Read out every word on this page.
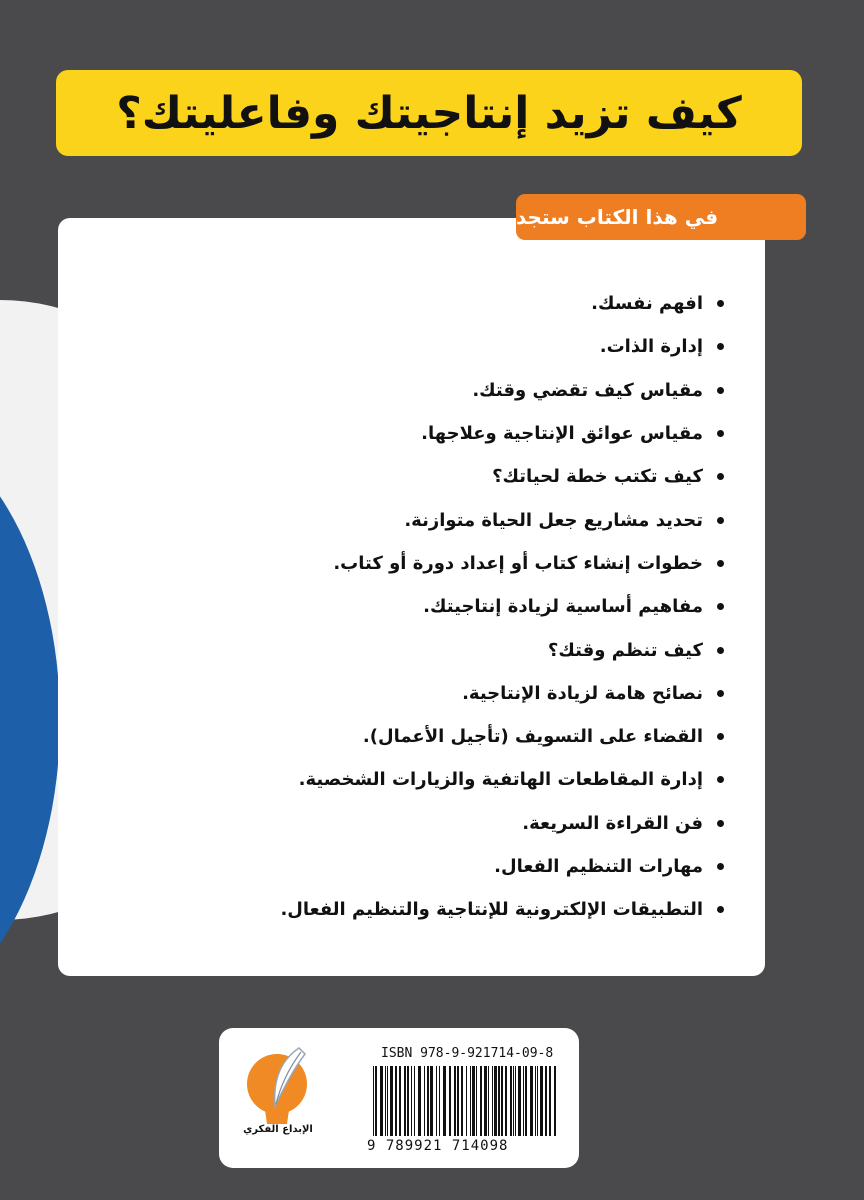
كيف تزيد إنتاجيتك وفاعليتك؟
في هذا الكتاب ستجد
افهم نفسك.
إدارة الذات.
مقياس كيف تقضي وقتك.
مقياس عوائق الإنتاجية وعلاجها.
كيف تكتب خطة لحياتك؟
تحديد مشاريع جعل الحياة متوازنة.
خطوات إنشاء كتاب أو إعداد دورة أو كتاب.
مفاهيم أساسية لزيادة إنتاجيتك.
كيف تنظم وقتك؟
نصائح هامة لزيادة الإنتاجية.
القضاء على التسويف (تأجيل الأعمال).
إدارة المقاطعات الهاتفية والزيارات الشخصية.
فن القراءة السريعة.
مهارات التنظيم الفعال.
التطبيقات الإلكترونية للإنتاجية والتنظيم الفعال.
الإبداع الفكري
ISBN 978-9-921714-09-8
9 789921 714098
